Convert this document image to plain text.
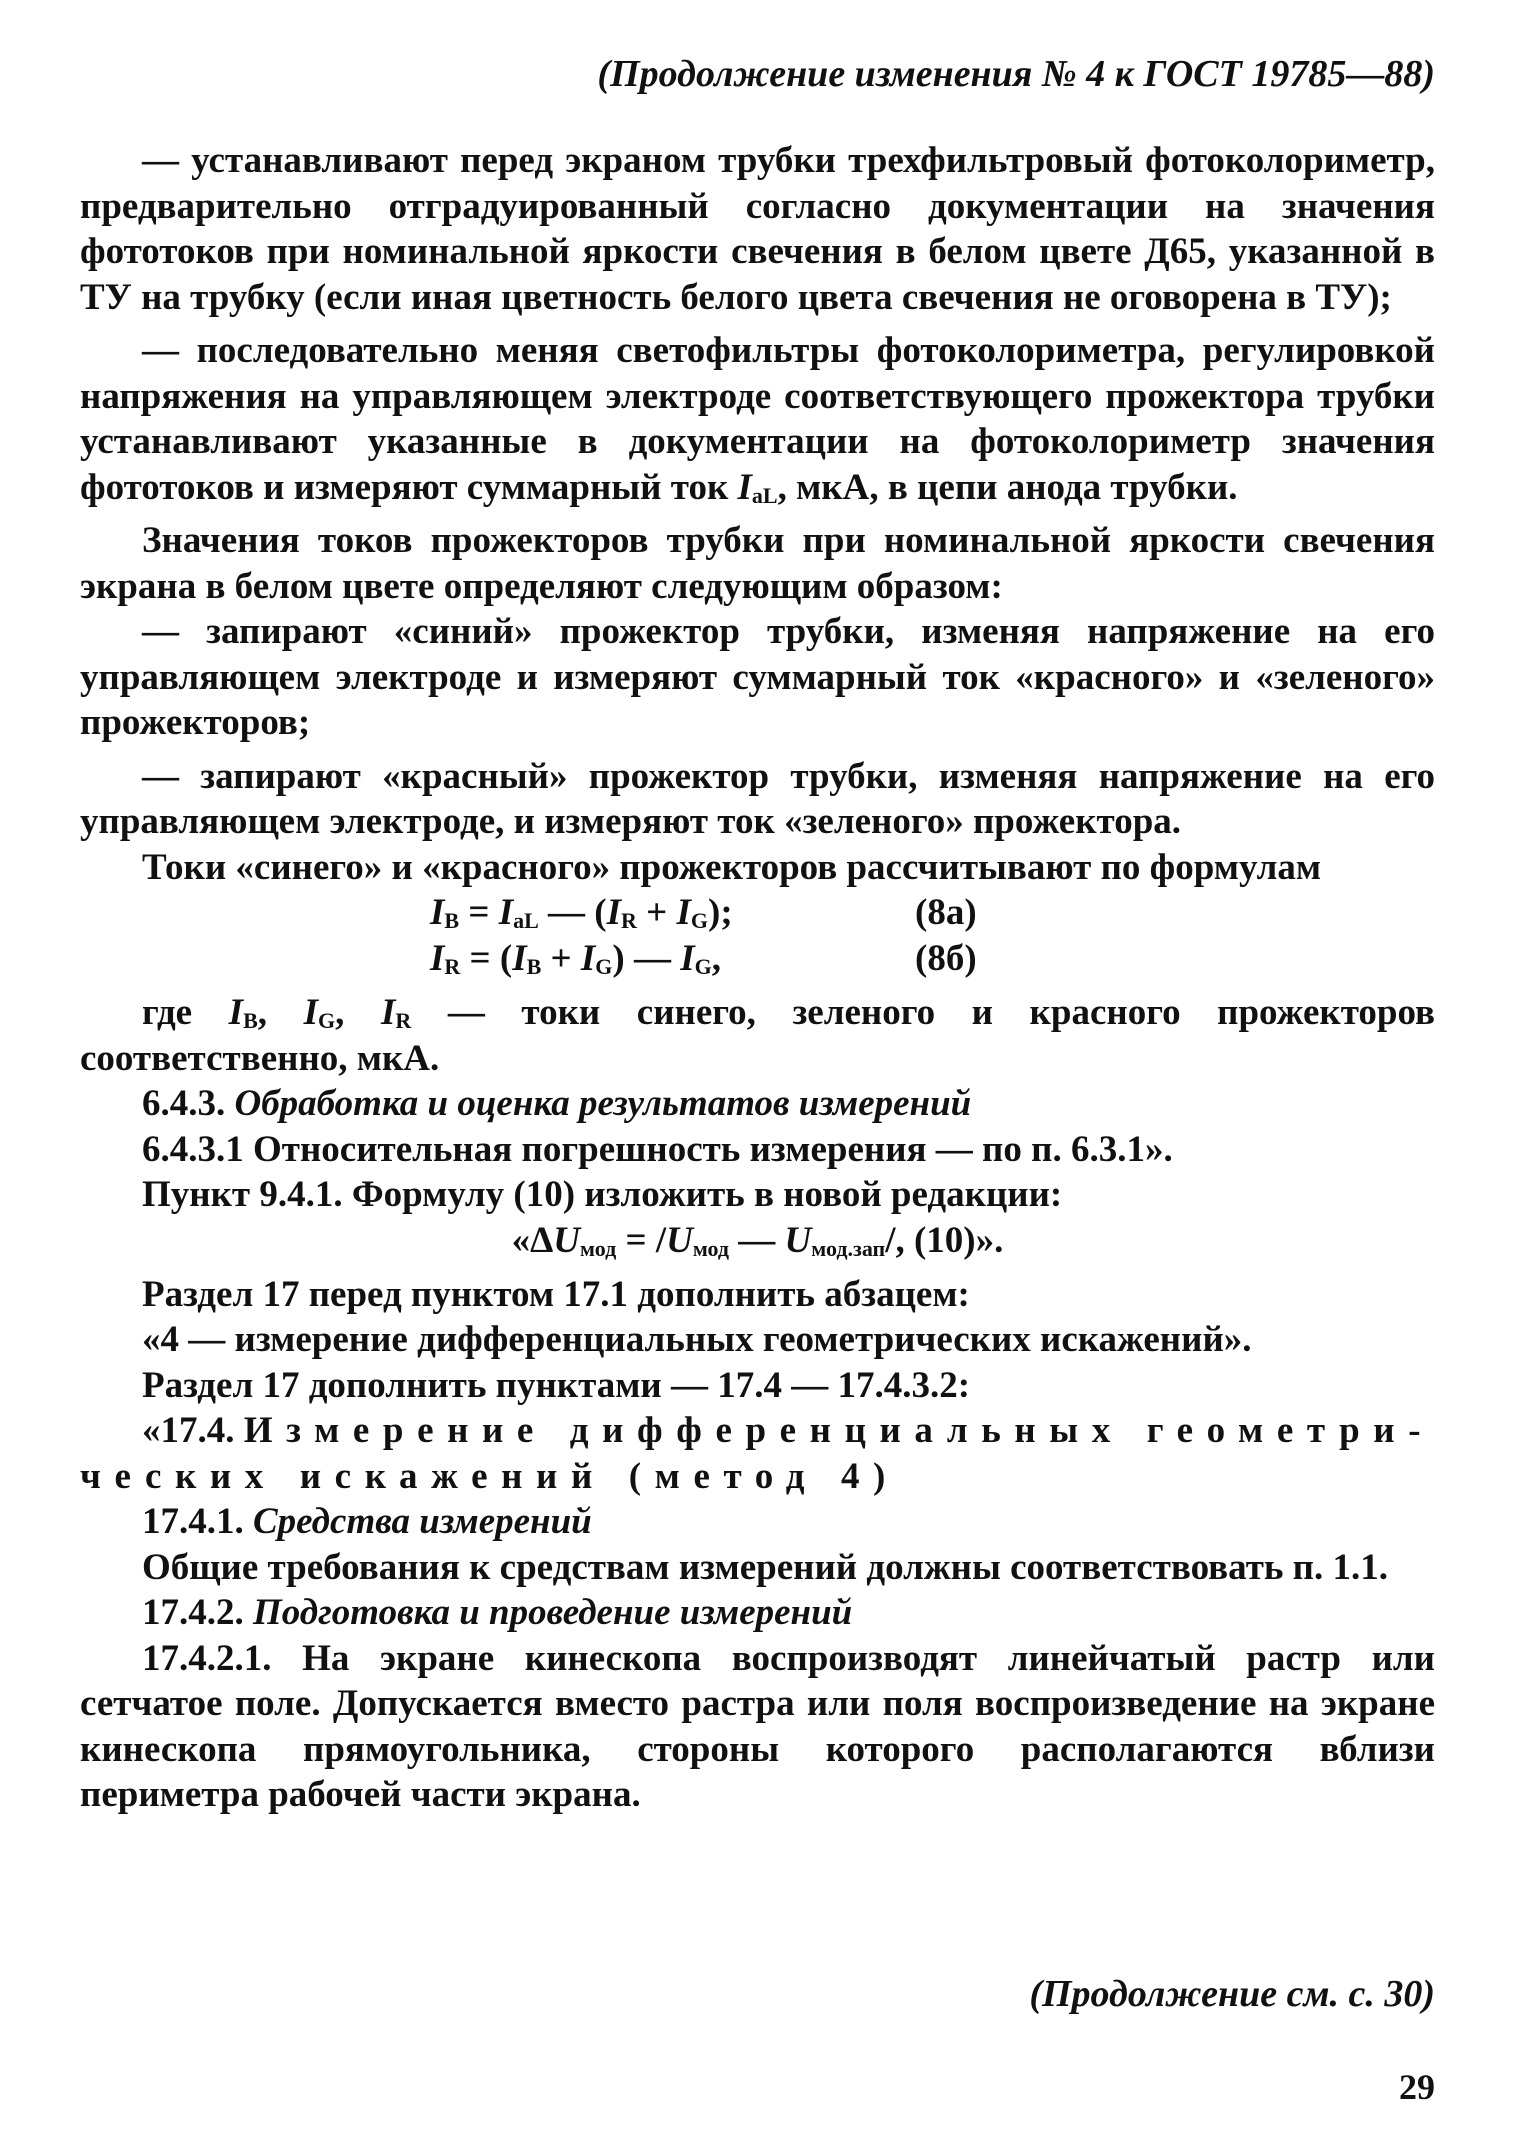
(Продолжение изменения № 4 к ГОСТ 19785—88)

— устанавливают перед экраном трубки трехфильтровый фотоколориметр, предварительно отградуированный согласно документации на значения фототоков при номинальной яркости свечения в белом цвете Д65, указанной в ТУ на трубку (если иная цветность белого цвета свечения не оговорена в ТУ);

— последовательно меняя светофильтры фотоколориметра, регулировкой напряжения на управляющем электроде соответствующего прожектора трубки устанавливают указанные в документации на фотоколориметр значения фототоков и измеряют суммарный ток $I_{aL}$, мкА, в цепи анода трубки.

Значения токов прожекторов трубки при номинальной яркости свечения экрана в белом цвете определяют следующим образом:

— запирают «синий» прожектор трубки, изменяя напряжение на его управляющем электроде и измеряют суммарный ток «красного» и «зеленого» прожекторов;

— запирают «красный» прожектор трубки, изменяя напряжение на его управляющем электроде, и измеряют ток «зеленого» прожектора.

Токи «синего» и «красного» прожекторов рассчитывают по формулам

$I_B = I_{aL}$ — $(I_R + I_G)$;	(8а)
$I_R = (I_B + I_G)$ — $I_G$,	(8б)

где $I_B$, $I_G$, $I_R$ — токи синего, зеленого и красного прожекторов соответственно, мкА.

6.4.3. Обработка и оценка результатов измерений

6.4.3.1 Относительная погрешность измерения — по п. 6.3.1».

Пункт 9.4.1. Формулу (10) изложить в новой редакции:

«$\Delta U_{мод} = /U_{мод}$ — $U_{мод.зап}/$, (10)».

Раздел 17 перед пунктом 17.1 дополнить абзацем:

«4 — измерение дифференциальных геометрических искажений».

Раздел 17 дополнить пунктами — 17.4 — 17.4.3.2:

«17.4. Измерение дифференциальных геометри-

ческих искажений (метод 4)

17.4.1. Средства измерений

Общие требования к средствам измерений должны соответствовать п. 1.1.

17.4.2. Подготовка и проведение измерений

17.4.2.1. На экране кинескопа воспроизводят линейчатый растр или сетчатое поле. Допускается вместо растра или поля воспроизведение на экране кинескопа прямоугольника, стороны которого располагаются вблизи периметра рабочей части экрана.

(Продолжение см. с. 30)
29
